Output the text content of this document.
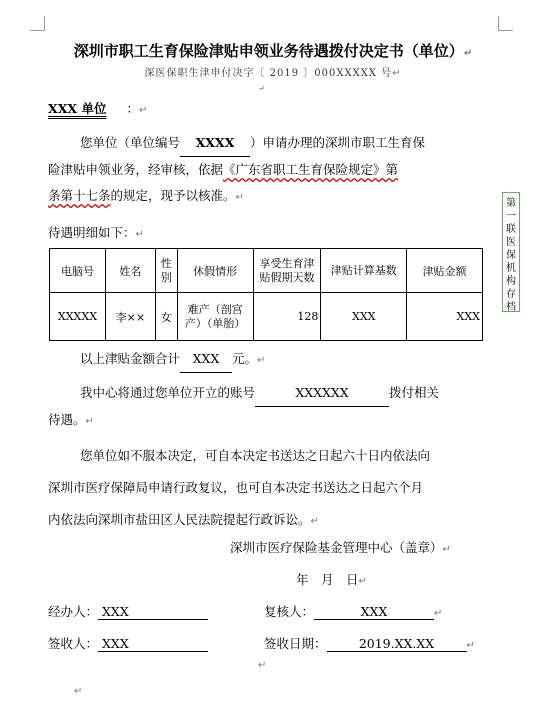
深圳市职工生育保险津贴申领业务待遇拨付决定书（单位）↵
深医保职生津申付决字〔 2019 〕000XXXXX 号↵
↵
XXX 单位 ：↵
您单位（单位编号 XXXX ）申请办理的深圳市职工生育保
险津贴申领业务，经审核，依据《广东省职工生育保险规定》第
条第十七条的规定，现予以核准。↵
待遇明细如下：↵
电脑号	姓名	性别	休假情形	享受生育津贴假期天数	津贴计算基数	津贴金额
XXXXX	李××	女	难产（剖宫产）（单胎）	128	XXX	XXX
第
一
联
医
保
机
构
存
档
以上津贴金额合计 XXX 元。↵
我中心将通过您单位开立的账号	XXXXXX	拨付相关
待遇。↵
您单位如不服本决定，可自本决定书送达之日起六十日内依法向
深圳市医疗保障局申请行政复议，也可自本决定书送达之日起六个月
内依法向深圳市盐田区人民法院提起行政诉讼。↵
深圳市医疗保险基金管理中心（盖章）↵
年　月　日↵
经办人： XXX	复核人：	XXX	↵
签收人： XXX	签收日期：	2019.XX.XX	↵
↵
↵
